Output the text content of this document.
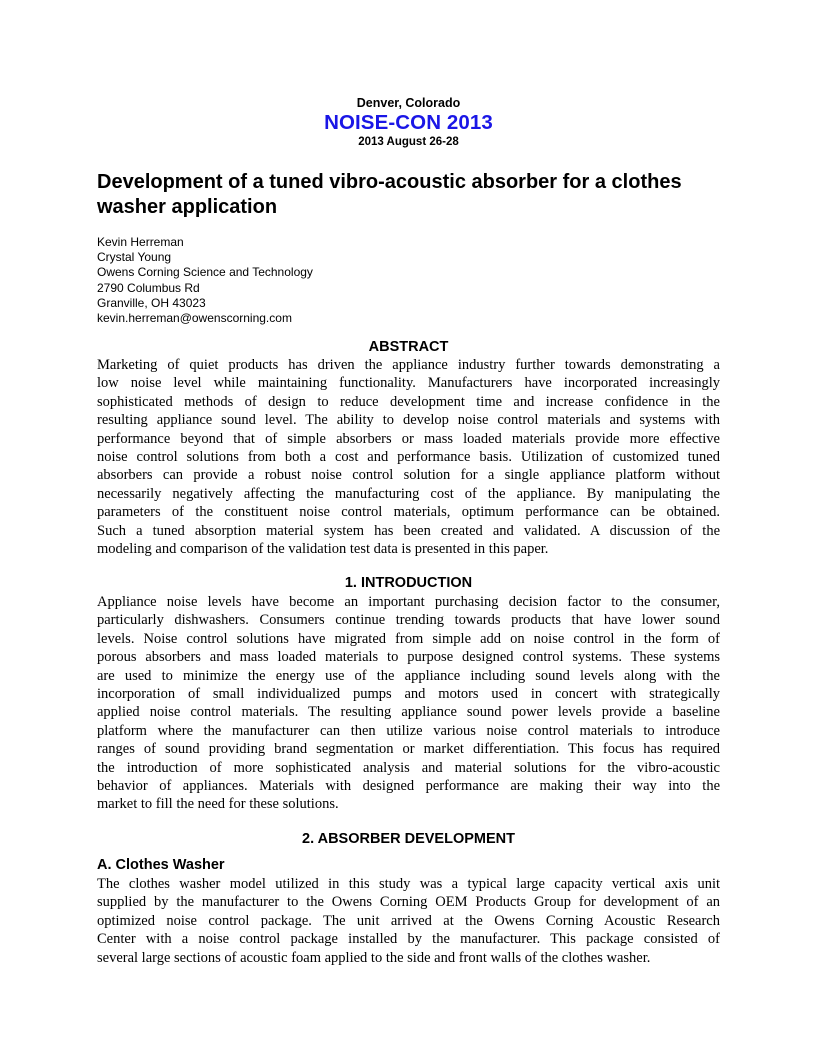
Denver, Colorado
NOISE-CON 2013
2013 August 26-28
Development of a tuned vibro-acoustic absorber for a clothes
washer application
Kevin Herreman
Crystal Young
Owens Corning Science and Technology
2790 Columbus Rd
Granville, OH 43023
kevin.herreman@owenscorning.com
ABSTRACT
Marketing of quiet products has driven the appliance industry further towards demonstrating a
low noise level while maintaining functionality. Manufacturers have incorporated increasingly
sophisticated methods of design to reduce development time and increase confidence in the
resulting appliance sound level. The ability to develop noise control materials and systems with
performance beyond that of simple absorbers or mass loaded materials provide more effective
noise control solutions from both a cost and performance basis. Utilization of customized tuned
absorbers can provide a robust noise control solution for a single appliance platform without
necessarily negatively affecting the manufacturing cost of the appliance. By manipulating the
parameters of the constituent noise control materials, optimum performance can be obtained.
Such a tuned absorption material system has been created and validated. A discussion of the
modeling and comparison of the validation test data is presented in this paper.
1. INTRODUCTION
Appliance noise levels have become an important purchasing decision factor to the consumer,
particularly dishwashers. Consumers continue trending towards products that have lower sound
levels. Noise control solutions have migrated from simple add on noise control in the form of
porous absorbers and mass loaded materials to purpose designed control systems. These systems
are used to minimize the energy use of the appliance including sound levels along with the
incorporation of small individualized pumps and motors used in concert with strategically
applied noise control materials. The resulting appliance sound power levels provide a baseline
platform where the manufacturer can then utilize various noise control materials to introduce
ranges of sound providing brand segmentation or market differentiation. This focus has required
the introduction of more sophisticated analysis and material solutions for the vibro-acoustic
behavior of appliances. Materials with designed performance are making their way into the
market to fill the need for these solutions.
2. ABSORBER DEVELOPMENT
A. Clothes Washer
The clothes washer model utilized in this study was a typical large capacity vertical axis unit
supplied by the manufacturer to the Owens Corning OEM Products Group for development of an
optimized noise control package. The unit arrived at the Owens Corning Acoustic Research
Center with a noise control package installed by the manufacturer. This package consisted of
several large sections of acoustic foam applied to the side and front walls of the clothes washer.
